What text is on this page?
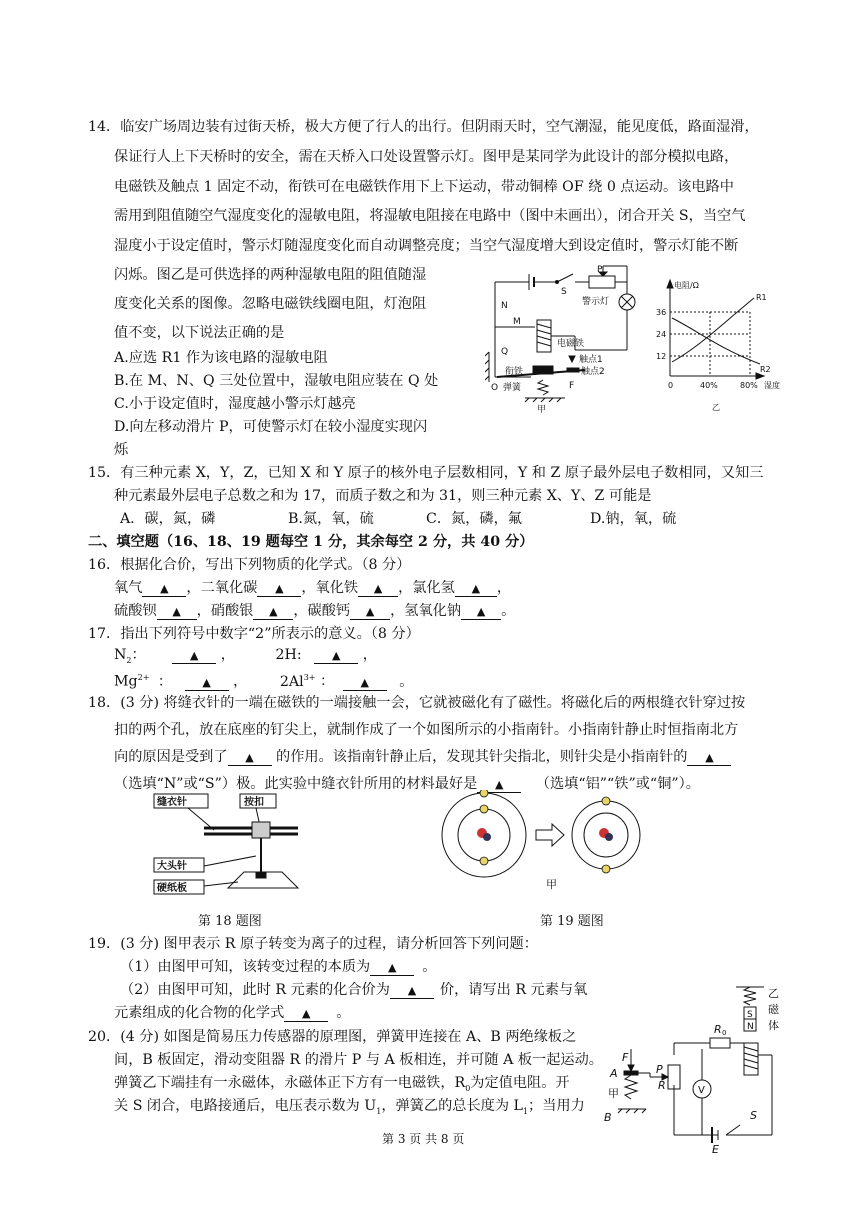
14．临安广场周边装有过街天桥，极大方便了行人的出行。但阴雨天时，空气潮湿，能见度低，路面湿滑，
保证行人上下天桥时的安全，需在天桥入口处设置警示灯。图甲是某同学为此设计的部分模拟电路，
电磁铁及触点 1 固定不动，衔铁可在电磁铁作用下上下运动，带动铜棒 OF 绕 0 点运动。该电路中
需用到阻值随空气湿度变化的湿敏电阻，将湿敏电阻接在电路中（图中未画出），闭合开关 S，当空气
湿度小于设定值时，警示灯随湿度变化而自动调整亮度；当空气湿度增大到设定值时，警示灯能不断
闪烁。图乙是可供选择的两种湿敏电阻的阻值随湿
度变化关系的图像。忽略电磁铁线圈电阻，灯泡阻
值不变，以下说法正确的是
A.应选 R1 作为该电路的湿敏电阻
B.在 M、N、Q 三处位置中，湿敏电阻应装在 Q 处
C.小于设定值时，湿度越小警示灯越亮
D.向左移动滑片 P，可使警示灯在较小湿度实现闪
烁
P
S
警示灯
N
M
Q
电磁铁
触点1
触点2
衔铁
弹簧
O	F
甲
电阻/Ω
R1
R2
36
24
12
0	40%	80% 湿度
乙
15．有三种元素 X，Y，Z，已知 X 和 Y 原子的核外电子层数相同，Y 和 Z 原子最外层电子数相同，又知三
种元素最外层电子总数之和为 17，而质子数之和为 31，则三种元素 X、Y、Z 可能是
A．碳，氮，磷	B.氮，氧，硫	C．氮，磷，氟	D.钠，氧，硫
二、填空题（16、18、19 题每空 1 分，其余每空 2 分，共 40 分）
16．根据化合价，写出下列物质的化学式。（8 分）
氧气 ▲ ，二氧化碳 ▲ ，氧化铁 ▲ ，氯化氢 ▲ ，
硫酸钡 ▲ ，硝酸银 ▲ ，碳酸钙 ▲ ，氢氧化钠 ▲ 。
17．指出下列符号中数字“2”所表示的意义。（8 分）
$N_2$：	▲ ，	2H:	▲ ，
$Mg^{2+}$ ：	▲ ， $2Al^{3+}$ ： ▲ 。
18．(3 分) 将缝衣针的一端在磁铁的一端接触一会，它就被磁化有了磁性。将磁化后的两根缝衣针穿过按
扣的两个孔，放在底座的钉尖上，就制作成了一个如图所示的小指南针。小指南针静止时恒指南北方
向的原因是受到了 ▲ 的作用。该指南针静止后，发现其针尖指北，则针尖是小指南针的 ▲
（选填“N”或“S”）极。此实验中缝衣针所用的材料最好是 ▲ （选填“铝”“铁”或“铜”）。
缝衣针	按扣
大头针
硬纸板
第 18 题图
甲
第 19 题图
19．(3 分) 图甲表示 R 原子转变为离子的过程，请分析回答下列问题：
（1）由图甲可知，该转变过程的本质为 ▲ 。
（2）由图甲可知，此时 R 元素的化合价为 ▲ 价，请写出 R 元素与氧
元素组成的化合物的化学式 ▲ 。
20．(4 分) 如图是简易压力传感器的原理图，弹簧甲连接在 A、B 两绝缘板之
间，B 板固定，滑动变阻器 R 的滑片 P 与 A 板相连，并可随 A 板一起运动。
弹簧乙下端挂有一永磁体，永磁体正下方有一电磁铁，$R_0$为定值电阻。开
关 S 闭合，电路接通后，电压表示数为 $U_1$，弹簧乙的总长度为 $L_1$；当用力
乙
磁
体
S
N
R 0
F
A	P
R	V
甲
S
B
E
第 3 页 共 8 页
